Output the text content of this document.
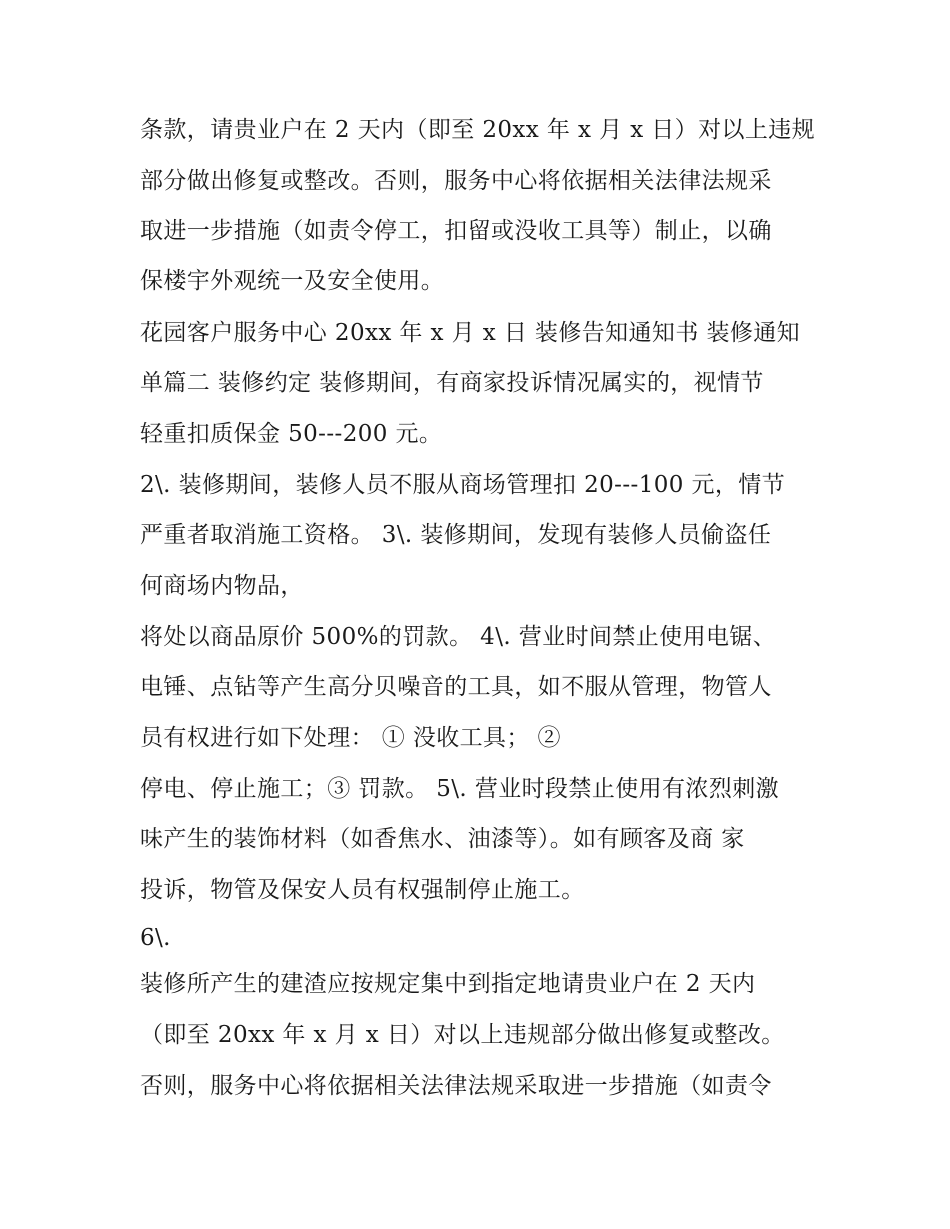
条款，请贵业户在 2 天内（即至 20xx 年 x 月 x 日）对以上违规
部分做出修复或整改。否则，服务中心将依据相关法律法规采
取进一步措施（如责令停工，扣留或没收工具等）制止，以确
保楼宇外观统一及安全使用。
花园客户服务中心 20xx 年 x 月 x 日 装修告知通知书 装修通知
单篇二 装修约定 装修期间，有商家投诉情况属实的，视情节
轻重扣质保金 50---200 元。
2\. 装修期间，装修人员不服从商场管理扣 20---100 元，情节
严重者取消施工资格。 3\. 装修期间，发现有装修人员偷盗任
何商场内物品，
将处以商品原价 500%的罚款。 4\. 营业时间禁止使用电锯、
电锤、点钻等产生高分贝噪音的工具，如不服从管理，物管人
员有权进行如下处理： ① 没收工具； ②
停电、停止施工；③ 罚款。 5\. 营业时段禁止使用有浓烈刺激
味产生的装饰材料（如香焦水、油漆等）。如有顾客及商 家
投诉，物管及保安人员有权强制停止施工。
6\.
装修所产生的建渣应按规定集中到指定地请贵业户在 2 天内
（即至 20xx 年 x 月 x 日）对以上违规部分做出修复或整改。
否则，服务中心将依据相关法律法规采取进一步措施（如责令
